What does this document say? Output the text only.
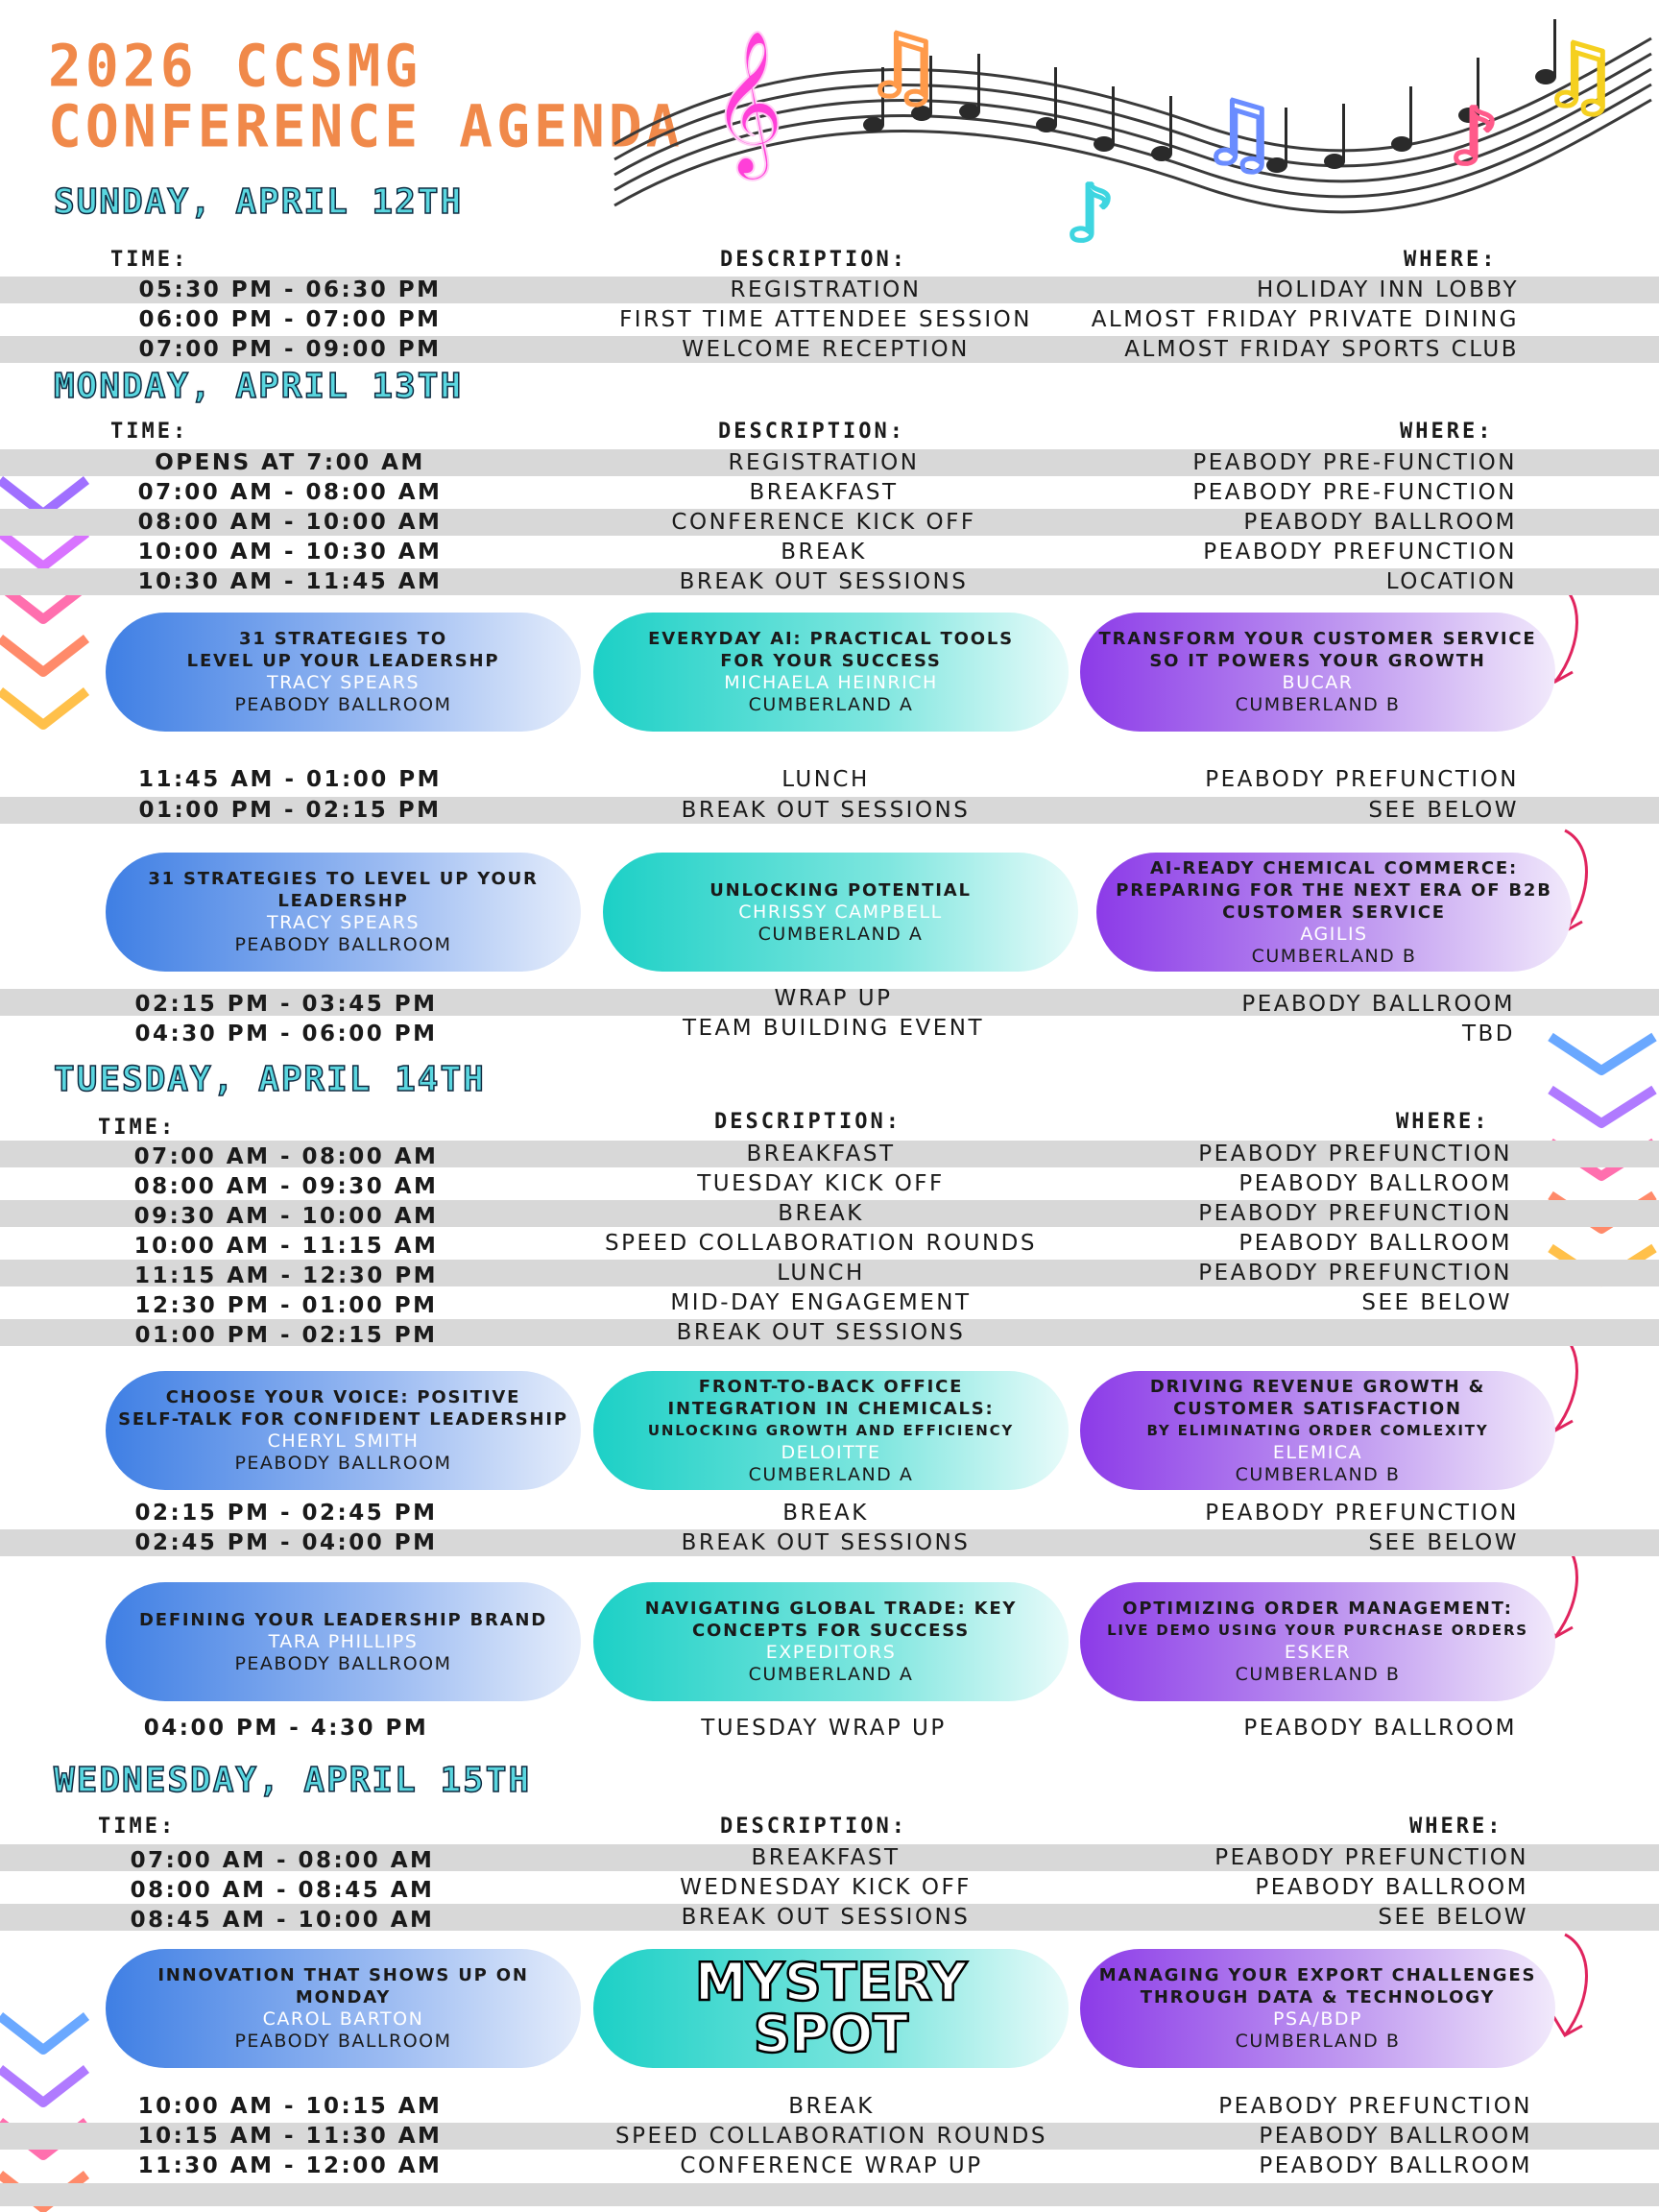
2026 CCSMG
CONFERENCE AGENDA 𝄞 ♫
♫
♪
♪
♫
SUNDAY, APRIL 12TH
MONDAY, APRIL 13TH
TUESDAY, APRIL 14TH
WEDNESDAY, APRIL 15TH
TIME:	DESCRIPTION:	WHERE:
TIME:	DESCRIPTION:	WHERE:
TIME:	DESCRIPTION:	WHERE:
TIME:	DESCRIPTION:	WHERE:
05:30 PM - 06:30 PM	REGISTRATION	HOLIDAY INN LOBBY
06:00 PM - 07:00 PM	FIRST TIME ATTENDEE SESSION	ALMOST FRIDAY PRIVATE DINING
07:00 PM - 09:00 PM	WELCOME RECEPTION	ALMOST FRIDAY SPORTS CLUB
OPENS AT 7:00 AM	REGISTRATION	PEABODY PRE-FUNCTION
07:00 AM - 08:00 AM	BREAKFAST	PEABODY PRE-FUNCTION
08:00 AM - 10:00 AM	CONFERENCE KICK OFF	PEABODY BALLROOM
10:00 AM - 10:30 AM	BREAK	PEABODY PREFUNCTION
10:30 AM - 11:45 AM	BREAK OUT SESSIONS	LOCATION
31 STRATEGIES TO
LEVEL UP YOUR LEADERSHP
TRACY SPEARS
PEABODY BALLROOM
EVERYDAY AI: PRACTICAL TOOLS
FOR YOUR SUCCESS
MICHAELA HEINRICH
CUMBERLAND A
TRANSFORM YOUR CUSTOMER SERVICE
SO IT POWERS YOUR GROWTH
BUCAR
CUMBERLAND B
11:45 AM - 01:00 PM	LUNCH	PEABODY PREFUNCTION
01:00 PM - 02:15 PM	BREAK OUT SESSIONS	SEE BELOW
31 STRATEGIES TO LEVEL UP YOUR
LEADERSHP
TRACY SPEARS
PEABODY BALLROOM
UNLOCKING POTENTIAL
CHRISSY CAMPBELL
CUMBERLAND A
AI-READY CHEMICAL COMMERCE:
PREPARING FOR THE NEXT ERA OF B2B
CUSTOMER SERVICE
AGILIS
CUMBERLAND B
02:15 PM - 03:45 PM	WRAP UP	PEABODY BALLROOM
04:30 PM - 06:00 PM	TEAM BUILDING EVENT	TBD
07:00 AM - 08:00 AM	BREAKFAST	PEABODY PREFUNCTION
08:00 AM - 09:30 AM	TUESDAY KICK OFF	PEABODY BALLROOM
09:30 AM - 10:00 AM	BREAK	PEABODY PREFUNCTION
10:00 AM - 11:15 AM	SPEED COLLABORATION ROUNDS	PEABODY BALLROOM
11:15 AM - 12:30 PM	LUNCH	PEABODY PREFUNCTION
12:30 PM - 01:00 PM	MID-DAY ENGAGEMENT	SEE BELOW
01:00 PM - 02:15 PM	BREAK OUT SESSIONS
CHOOSE YOUR VOICE: POSITIVE
SELF-TALK FOR CONFIDENT LEADERSHIP
CHERYL SMITH
PEABODY BALLROOM
FRONT-TO-BACK OFFICE
INTEGRATION IN CHEMICALS:
UNLOCKING GROWTH AND EFFICIENCY
DELOITTE
CUMBERLAND A
DRIVING REVENUE GROWTH &
CUSTOMER SATISFACTION
BY ELIMINATING ORDER COMLEXITY
ELEMICA
CUMBERLAND B
02:15 PM - 02:45 PM	BREAK	PEABODY PREFUNCTION
02:45 PM - 04:00 PM	BREAK OUT SESSIONS	SEE BELOW
DEFINING YOUR LEADERSHIP BRAND
TARA PHILLIPS
PEABODY BALLROOM
NAVIGATING GLOBAL TRADE: KEY
CONCEPTS FOR SUCCESS
EXPEDITORS
CUMBERLAND A
OPTIMIZING ORDER MANAGEMENT:
LIVE DEMO USING YOUR PURCHASE ORDERS
ESKER
CUMBERLAND B
04:00 PM - 4:30 PM	TUESDAY WRAP UP	PEABODY BALLROOM
07:00 AM - 08:00 AM	BREAKFAST	PEABODY PREFUNCTION
08:00 AM - 08:45 AM	WEDNESDAY KICK OFF	PEABODY BALLROOM
08:45 AM - 10:00 AM	BREAK OUT SESSIONS	SEE BELOW
INNOVATION THAT SHOWS UP ON
MONDAY
CAROL BARTON
PEABODY BALLROOM
MYSTERY
SPOT
MANAGING YOUR EXPORT CHALLENGES
THROUGH DATA & TECHNOLOGY
PSA/BDP
CUMBERLAND B
10:00 AM - 10:15 AM	BREAK	PEABODY PREFUNCTION
10:15 AM - 11:30 AM	SPEED COLLABORATION ROUNDS	PEABODY BALLROOM
11:30 AM - 12:00 AM	CONFERENCE WRAP UP	PEABODY BALLROOM
